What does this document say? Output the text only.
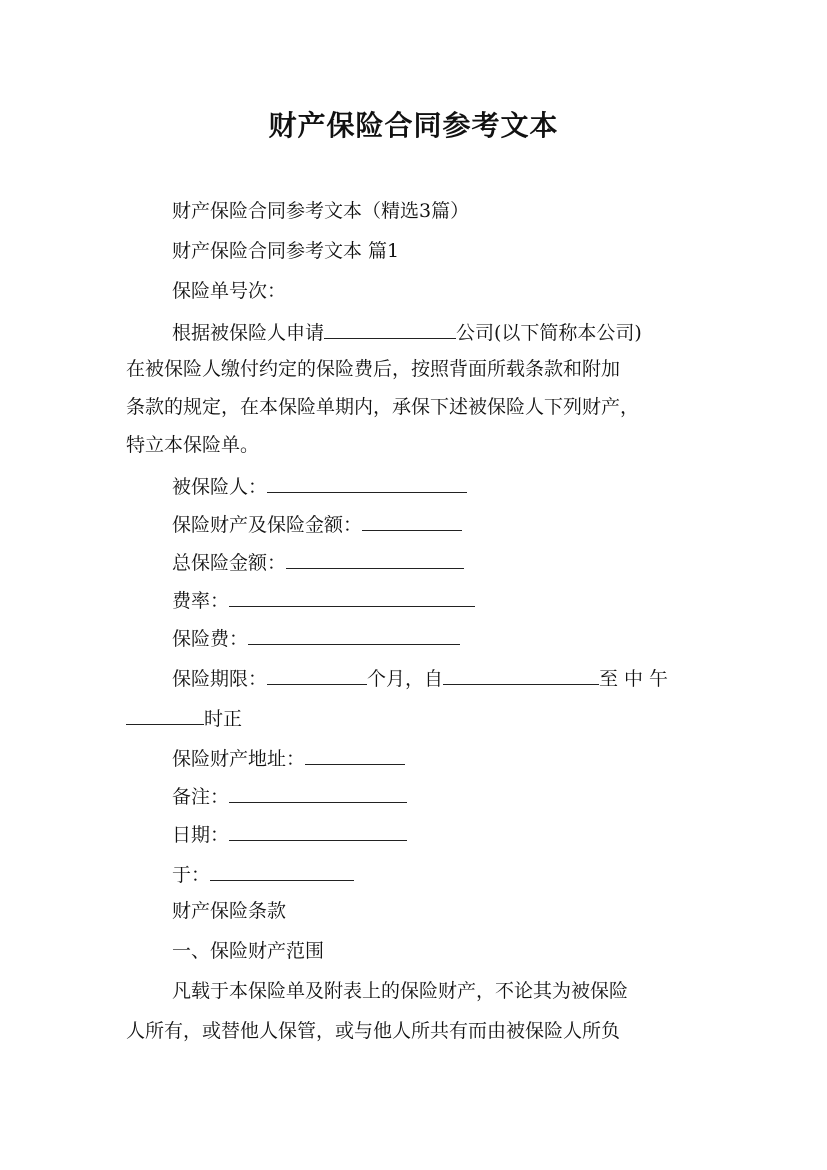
财产保险合同参考文本

财产保险合同参考文本（精选3篇）

财产保险合同参考文本 篇1

保险单号次：

根据被保险人申请	公司(以下简称本公司)

在被保险人缴付约定的保险费后，按照背面所载条款和附加

条款的规定，在本保险单期内，承保下述被保险人下列财产，

特立本保险单。

被保险人：

保险财产及保险金额：

总保险金额：

费率：

保险费：

保险期限：	个月，自	至中午

时正

保险财产地址：

备注：

日期：

于：

财产保险条款

一、保险财产范围

凡载于本保险单及附表上的保险财产，不论其为被保险

人所有，或替他人保管，或与他人所共有而由被保险人所负
